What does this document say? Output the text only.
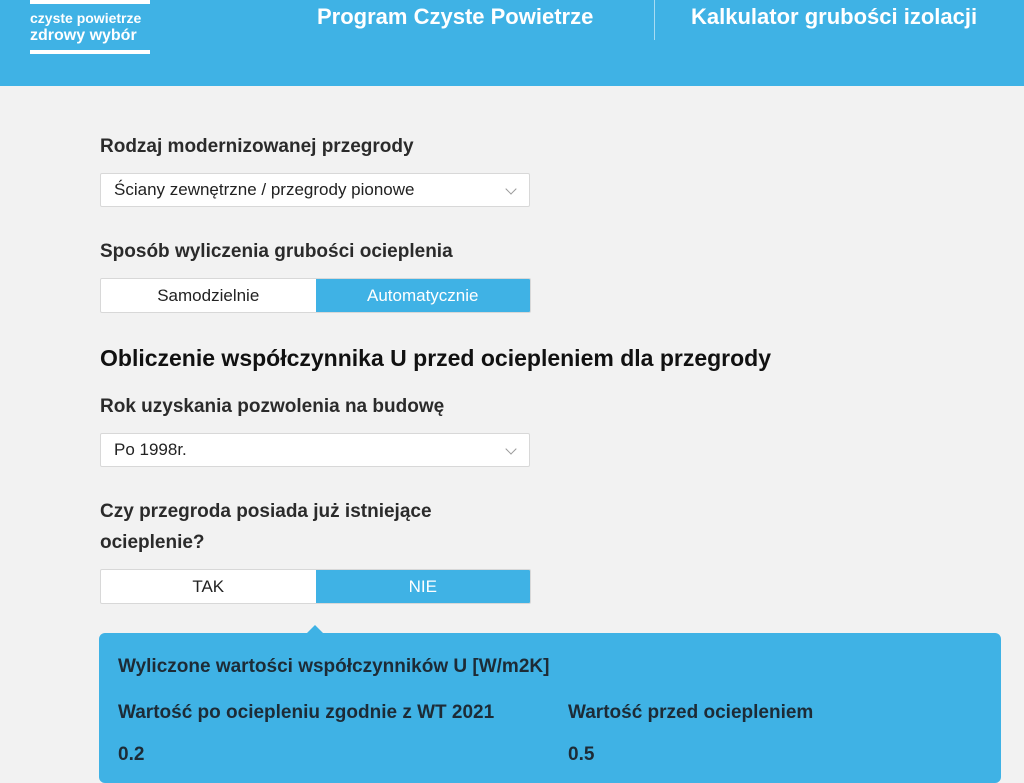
czyste powietrze
zdrowy wybór
Program Czyste Powietrze	Kalkulator grubości izolacji
Rodzaj modernizowanej przegrody
Ściany zewnętrzne / przegrody pionowe
Sposób wyliczenia grubości ocieplenia
Samodzielnie	Automatycznie
Obliczenie współczynnika U przed ociepleniem dla przegrody
Rok uzyskania pozwolenia na budowę
Po 1998r.
Czy przegroda posiada już istniejące
ocieplenie?
TAK	NIE
Wyliczone wartości współczynników U [W/m2K]
Wartość po ociepleniu zgodnie z WT 2021	Wartość przed ociepleniem
0.2	0.5
